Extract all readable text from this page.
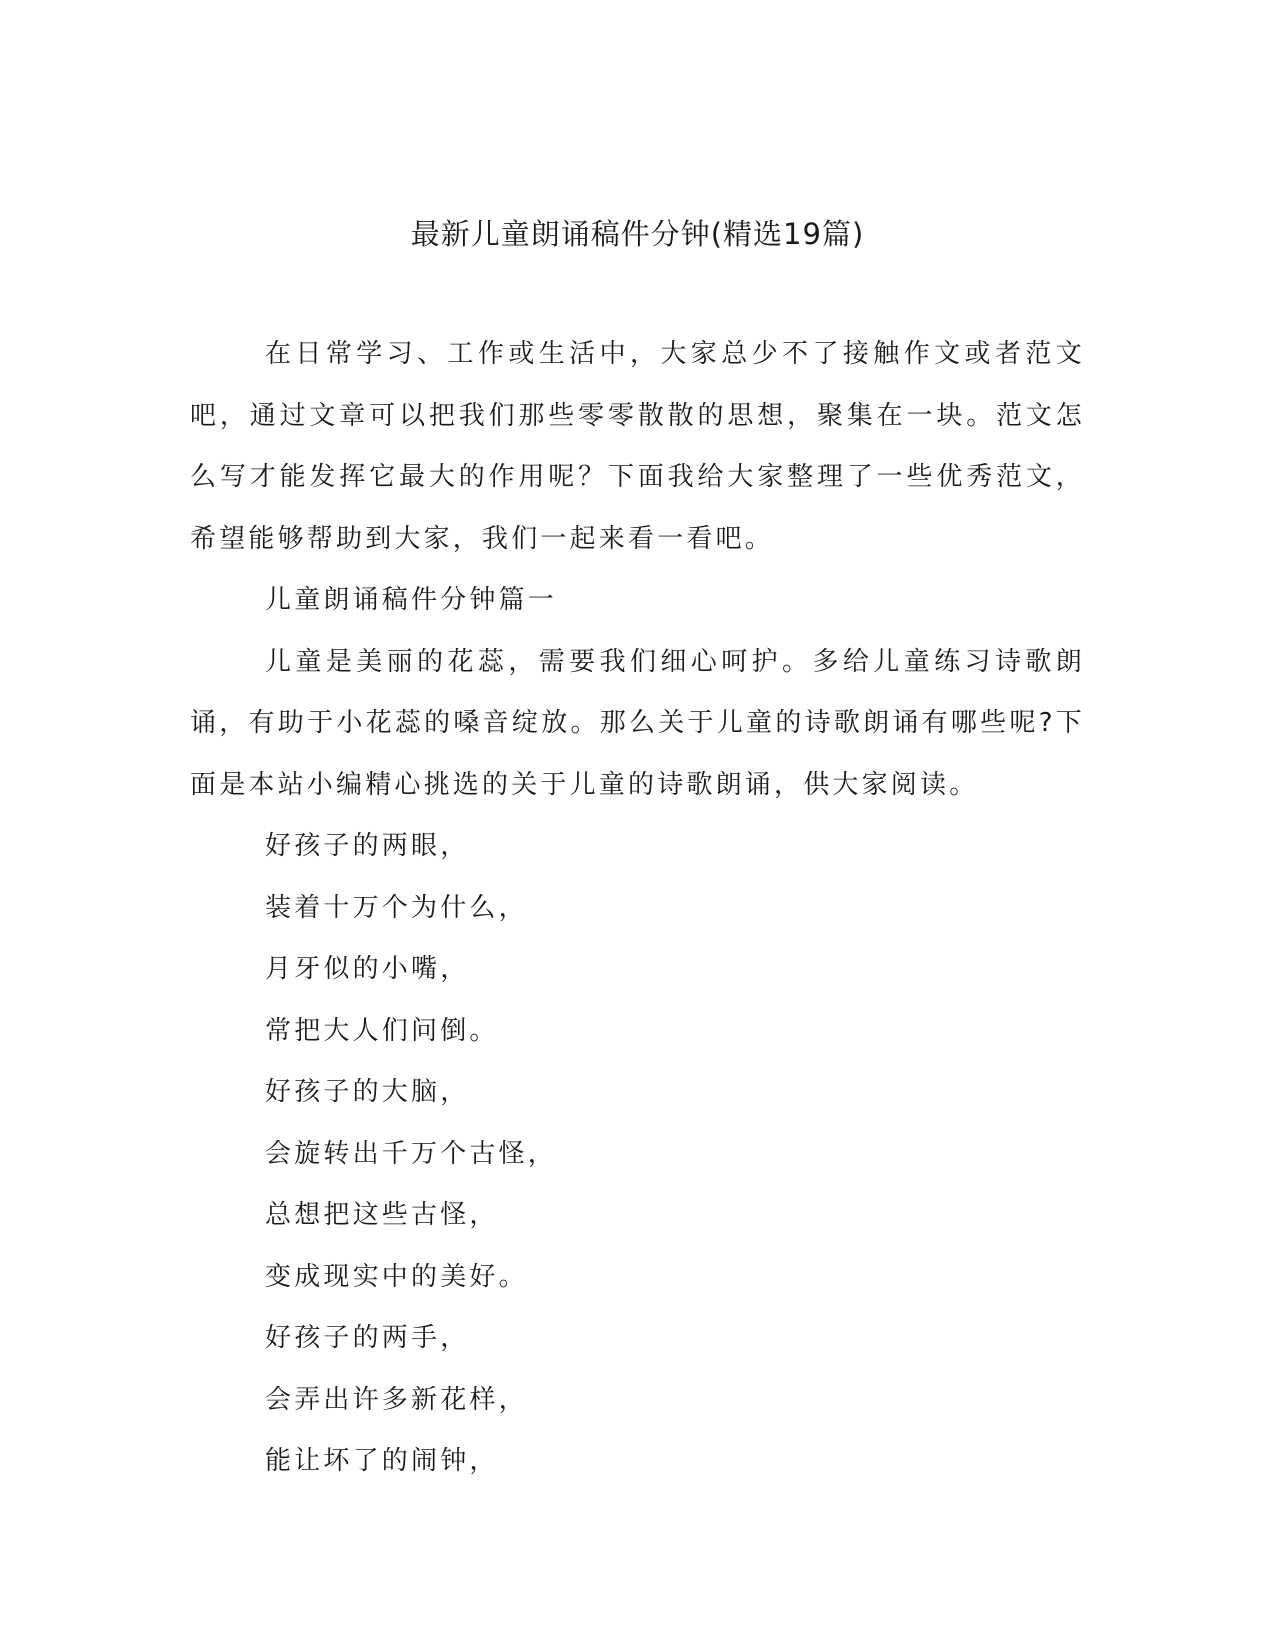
最新儿童朗诵稿件分钟(精选19篇)

在日常学习、工作或生活中，大家总少不了接触作文或者范文吧，通过文章可以把我们那些零零散散的思想，聚集在一块。范文怎么写才能发挥它最大的作用呢？下面我给大家整理了一些优秀范文，希望能够帮助到大家，我们一起来看一看吧。

儿童朗诵稿件分钟篇一

儿童是美丽的花蕊，需要我们细心呵护。多给儿童练习诗歌朗诵，有助于小花蕊的嗓音绽放。那么关于儿童的诗歌朗诵有哪些呢?下面是本站小编精心挑选的关于儿童的诗歌朗诵，供大家阅读。

好孩子的两眼，

装着十万个为什么，

月牙似的小嘴，

常把大人们问倒。

好孩子的大脑，

会旋转出千万个古怪，

总想把这些古怪，

变成现实中的美好。

好孩子的两手，

会弄出许多新花样，

能让坏了的闹钟，
